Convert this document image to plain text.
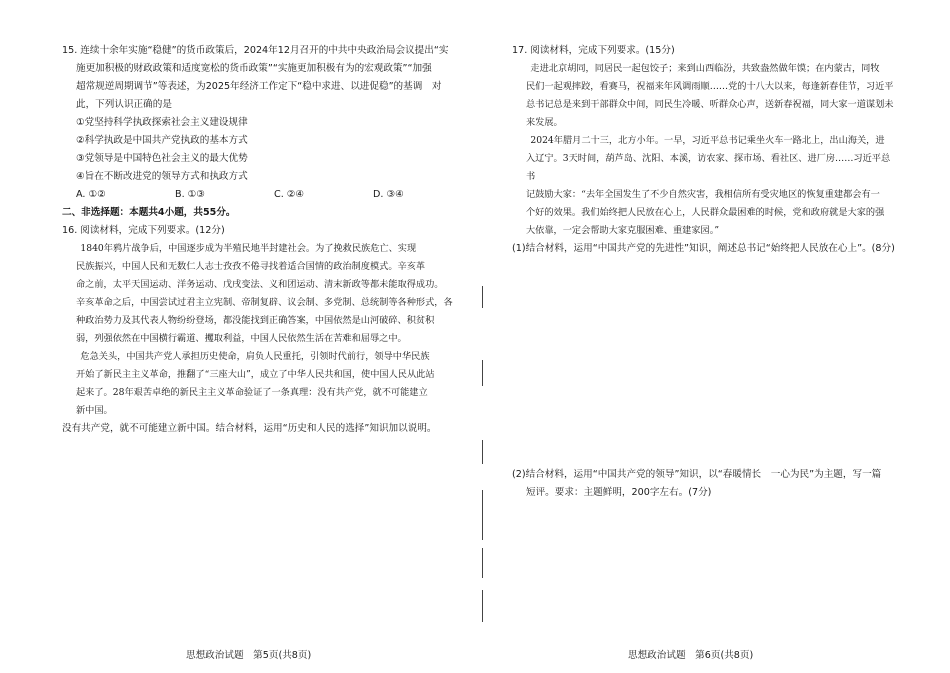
15. 连续十余年实施“稳健”的货币政策后，2024年12月召开的中共中央政治局会议提出“实

施更加积极的财政政策和适度宽松的货币政策”“实施更加积极有为的宏观政策”“加强

超常规逆周期调节”等表述，为2025年经济工作定下“稳中求进、以进促稳”的基调　对

此，下列认识正确的是

①党坚持科学执政探索社会主义建设规律

②科学执政是中国共产党执政的基本方式

③党领导是中国特色社会主义的最大优势

④旨在不断改进党的领导方式和执政方式

A. ①②	B. ①③	C. ②④	D. ③④

二、非选择题：本题共4小题，共55分。

16. 阅读材料，完成下列要求。(12分)

1840年鸦片战争后，中国逐步成为半殖民地半封建社会。为了挽救民族危亡、实现

民族振兴，中国人民和无数仁人志士孜孜不倦寻找着适合国情的政治制度模式。辛亥革

命之前，太平天国运动、洋务运动、戊戌变法、义和团运动、清末新政等都未能取得成功。

辛亥革命之后，中国尝试过君主立宪制、帝制复辟、议会制、多党制、总统制等各种形式，各

种政治势力及其代表人物纷纷登场，都没能找到正确答案，中国依然是山河破碎、积贫积

弱，列强依然在中国横行霸道、攫取利益，中国人民依然生活在苦难和屈辱之中。

危急关头，中国共产党人承担历史使命，肩负人民重托，引领时代前行，领导中华民族

开始了新民主主义革命，推翻了“三座大山”，成立了中华人民共和国，使中国人民从此站

起来了。28年艰苦卓绝的新民主主义革命验证了一条真理：没有共产党，就不可能建立

新中国。

没有共产党，就不可能建立新中国。结合材料，运用“历史和人民的选择”知识加以说明。

17. 阅读材料，完成下列要求。(15分)

走进北京胡同，同居民一起包饺子；来到山西临汾，共致盎然做年馍；在内蒙古，同牧

民们一起观摔跤，看赛马，祝福来年风调雨顺……党的十八大以来，每逢新春佳节，习近平

总书记总是来到干部群众中间，同民生冷暖、听群众心声，送新春祝福，同大家一道谋划未

来发展。

2024年腊月二十三，北方小年。一早，习近平总书记乘坐火车一路北上，出山海关，进

入辽宁。3天时间，葫芦岛、沈阳、本溪，访农家、探市场、看社区、进厂房……习近平总书

记鼓励大家：“去年全国发生了不少自然灾害，我相信所有受灾地区的恢复重建都会有一

个好的效果。我们始终把人民放在心上，人民群众最困难的时候，党和政府就是大家的强

大依靠，一定会帮助大家克服困难、重建家园。”

(1)结合材料，运用“中国共产党的先进性”知识，阐述总书记“始终把人民放在心上”。(8分)

(2)结合材料，运用“中国共产党的领导”知识，以“春暖情长　一心为民”为主题，写一篇

短评。要求：主题鲜明，200字左右。(7分)

思想政治试题　第5页(共8页)	思想政治试题　第6页(共8页)
